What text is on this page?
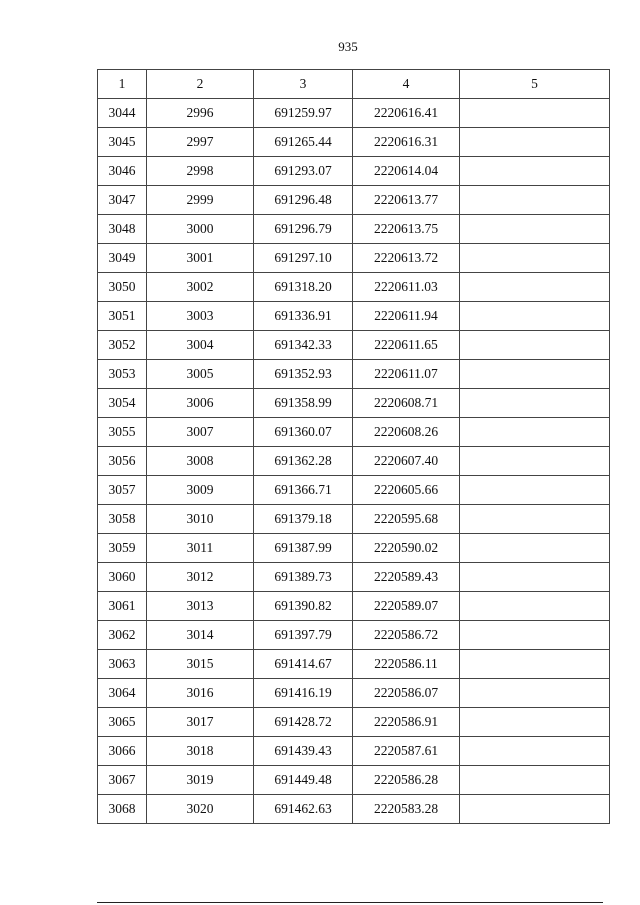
935
1	2	3	4	5
3044	2996	691259.97	2220616.41	
3045	2997	691265.44	2220616.31	
3046	2998	691293.07	2220614.04	
3047	2999	691296.48	2220613.77	
3048	3000	691296.79	2220613.75	
3049	3001	691297.10	2220613.72	
3050	3002	691318.20	2220611.03	
3051	3003	691336.91	2220611.94	
3052	3004	691342.33	2220611.65	
3053	3005	691352.93	2220611.07	
3054	3006	691358.99	2220608.71	
3055	3007	691360.07	2220608.26	
3056	3008	691362.28	2220607.40	
3057	3009	691366.71	2220605.66	
3058	3010	691379.18	2220595.68	
3059	3011	691387.99	2220590.02	
3060	3012	691389.73	2220589.43	
3061	3013	691390.82	2220589.07	
3062	3014	691397.79	2220586.72	
3063	3015	691414.67	2220586.11	
3064	3016	691416.19	2220586.07	
3065	3017	691428.72	2220586.91	
3066	3018	691439.43	2220587.61	
3067	3019	691449.48	2220586.28	
3068	3020	691462.63	2220583.28	
